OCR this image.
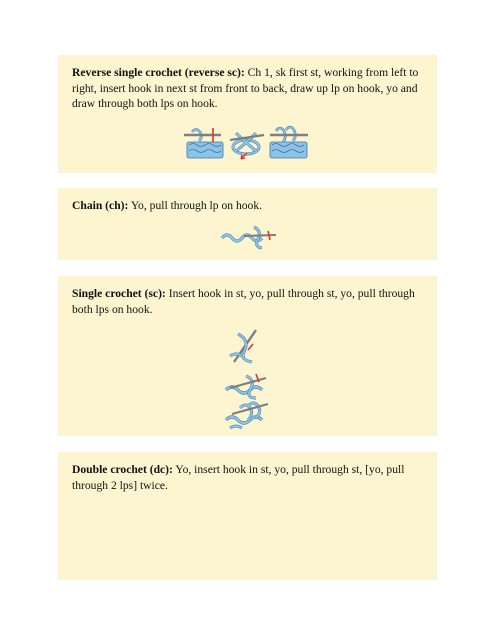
Reverse single crochet (reverse sc): Ch 1, sk first st, working from left to right, insert hook in next st from front to back, draw up lp on hook, yo and draw through both lps on hook.

Chain (ch): Yo, pull through lp on hook.

Single crochet (sc): Insert hook in st, yo, pull through st, yo, pull through both lps on hook.

Double crochet (dc): Yo, insert hook in st, yo, pull through st, [yo, pull through 2 lps] twice.
